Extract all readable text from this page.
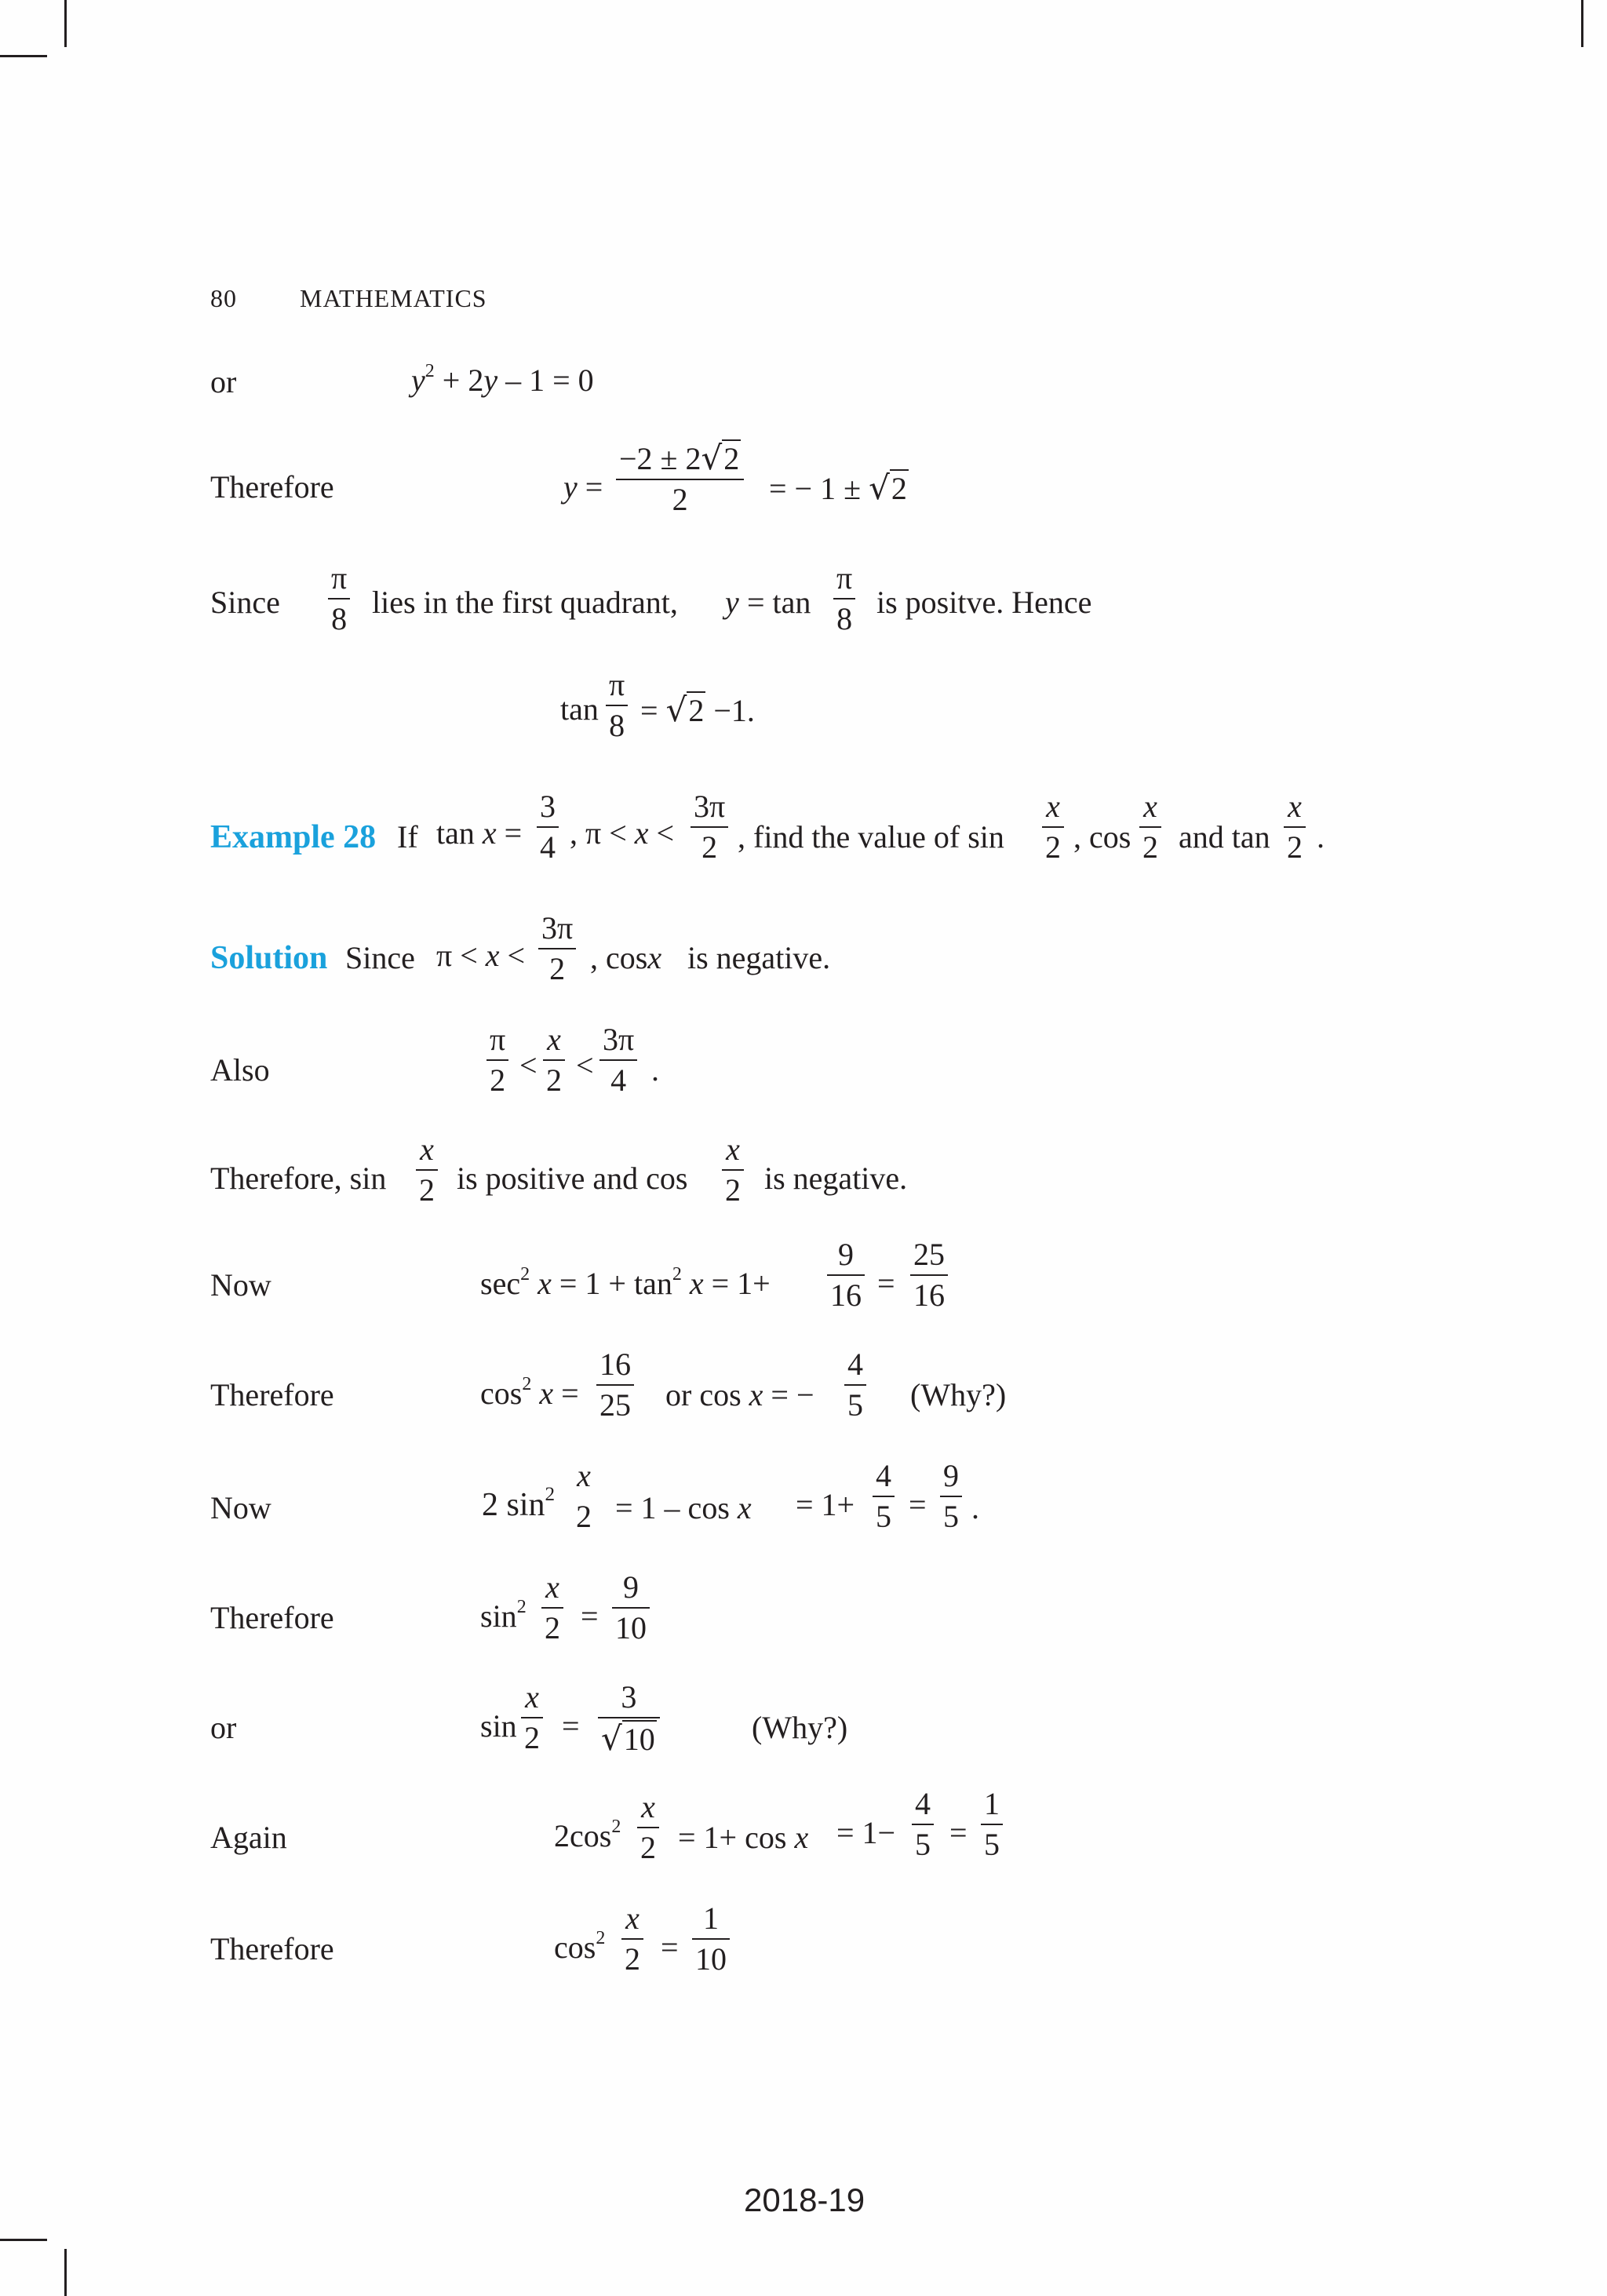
80	MATHEMATICS
or	$y^2 + 2y - 1 = 0$
Therefore	y =
−2 ± 2√2
2	= − 1 ± √2
Since
π
8 lies in the first quadrant, y = tan
π
8 is positve. Hence
tan
π
8 = √2 −1.
Example 28 If tan x =
3
4 , π < x <
3π
2 , find the value of sin
x
2 , cos
x
2 and tan
x
2 .
Solution Since π < x <
3π
2 , cosx is negative.
Also
π
2 <
x
2 <
3π
4 .
Therefore, sin
x
2 is positive and cos
x
2 is negative.
Now	$\sec^2 x = 1 + \tan^2 x = 1+$
9
16 =
25
16
Therefore	$\cos^2 x$ =
16
25 or cos x = −
4
5 (Why?)
Now	2 $\sin^2$
x
2 = 1 – cos x = 1+
4
5 =
9
5 .
Therefore	$\sin^2$
x
2 =
9
10
or	sin
x
2 =
3
√10	(Why?)
Again	$2\cos^2$
x
2 = 1+ cos x = 1−
4
5 =
1
5
Therefore	$\cos^2$
x
2 =
1
10
2018-19
